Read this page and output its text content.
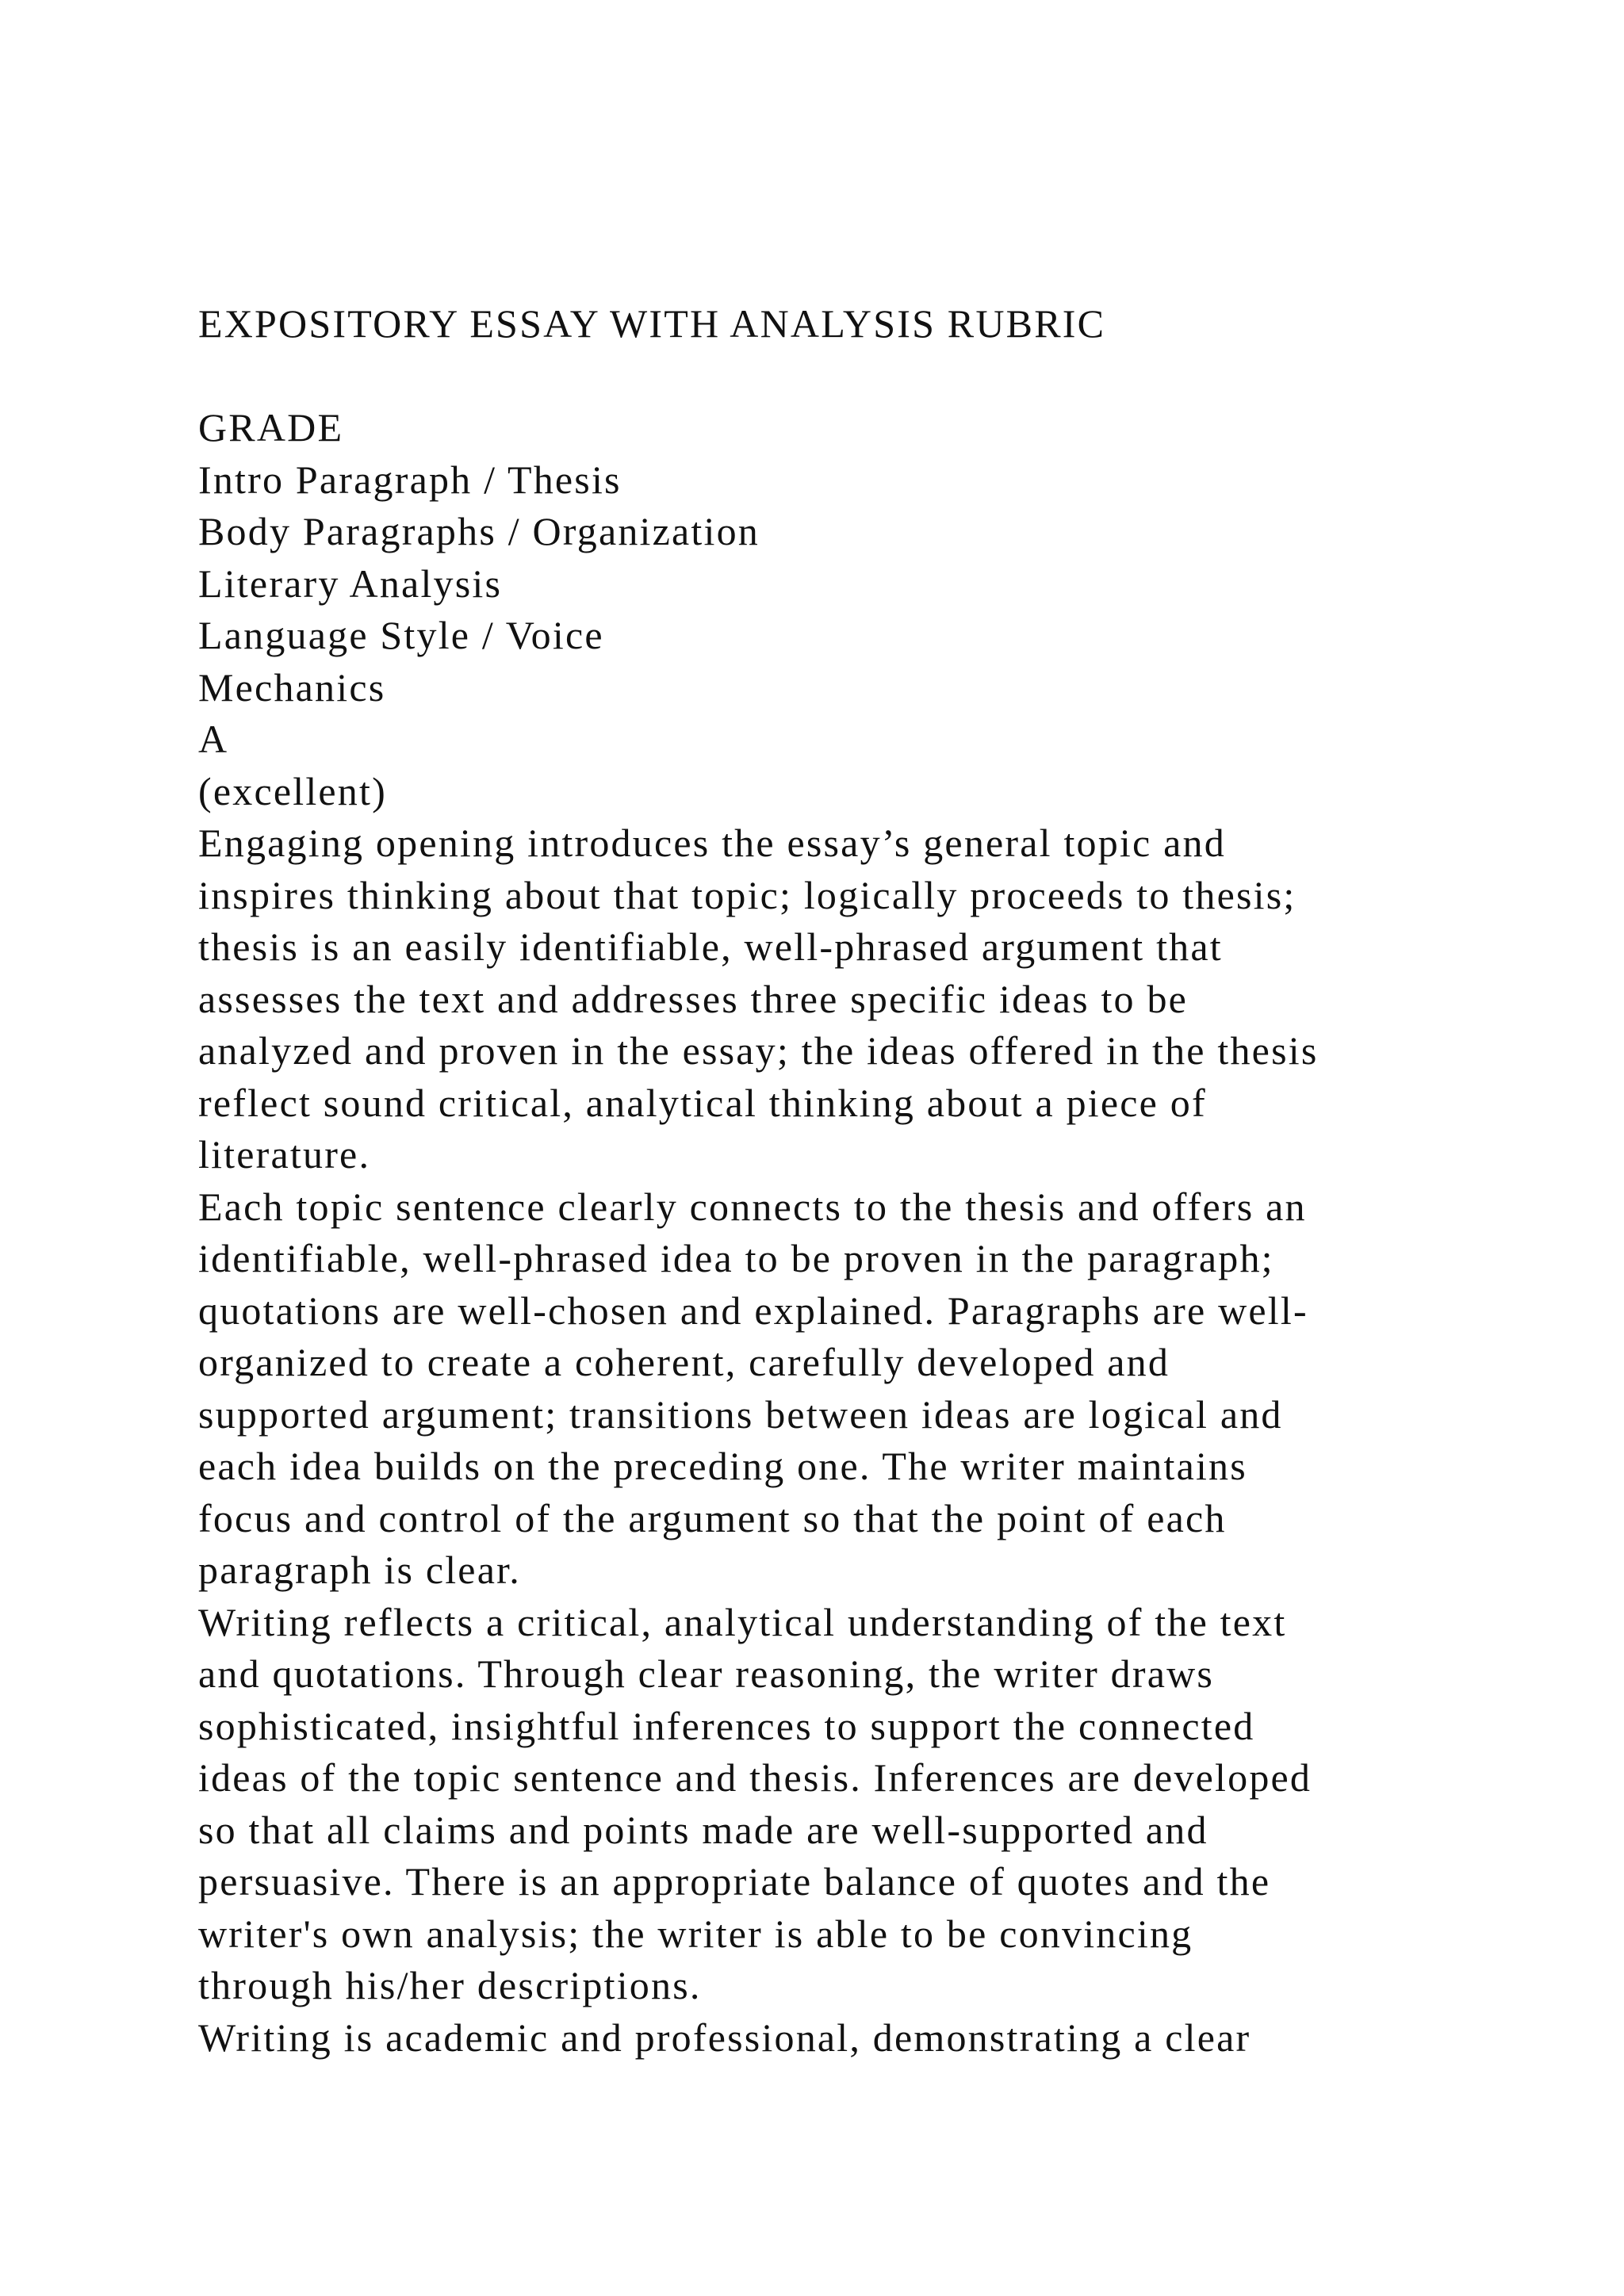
EXPOSITORY ESSAY WITH ANALYSIS RUBRIC
GRADE
Intro Paragraph / Thesis
Body Paragraphs / Organization
Literary Analysis
Language Style / Voice
Mechanics
A
(excellent)
Engaging opening introduces the essay’s general topic and
inspires thinking about that topic; logically proceeds to thesis;
thesis is an easily identifiable, well-phrased argument that
assesses the text and addresses three specific ideas to be
analyzed and proven in the essay; the ideas offered in the thesis
reflect sound critical, analytical thinking about a piece of
literature.
Each topic sentence clearly connects to the thesis and offers an
identifiable, well-phrased idea to be proven in the paragraph;
quotations are well-chosen and explained. Paragraphs are well-
organized to create a coherent, carefully developed and
supported argument; transitions between ideas are logical and
each idea builds on the preceding one. The writer maintains
focus and control of the argument so that the point of each
paragraph is clear.
Writing reflects a critical, analytical understanding of the text
and quotations. Through clear reasoning, the writer draws
sophisticated, insightful inferences to support the connected
ideas of the topic sentence and thesis. Inferences are developed
so that all claims and points made are well-supported and
persuasive. There is an appropriate balance of quotes and the
writer's own analysis; the writer is able to be convincing
through his/her descriptions.
Writing is academic and professional, demonstrating a clear
